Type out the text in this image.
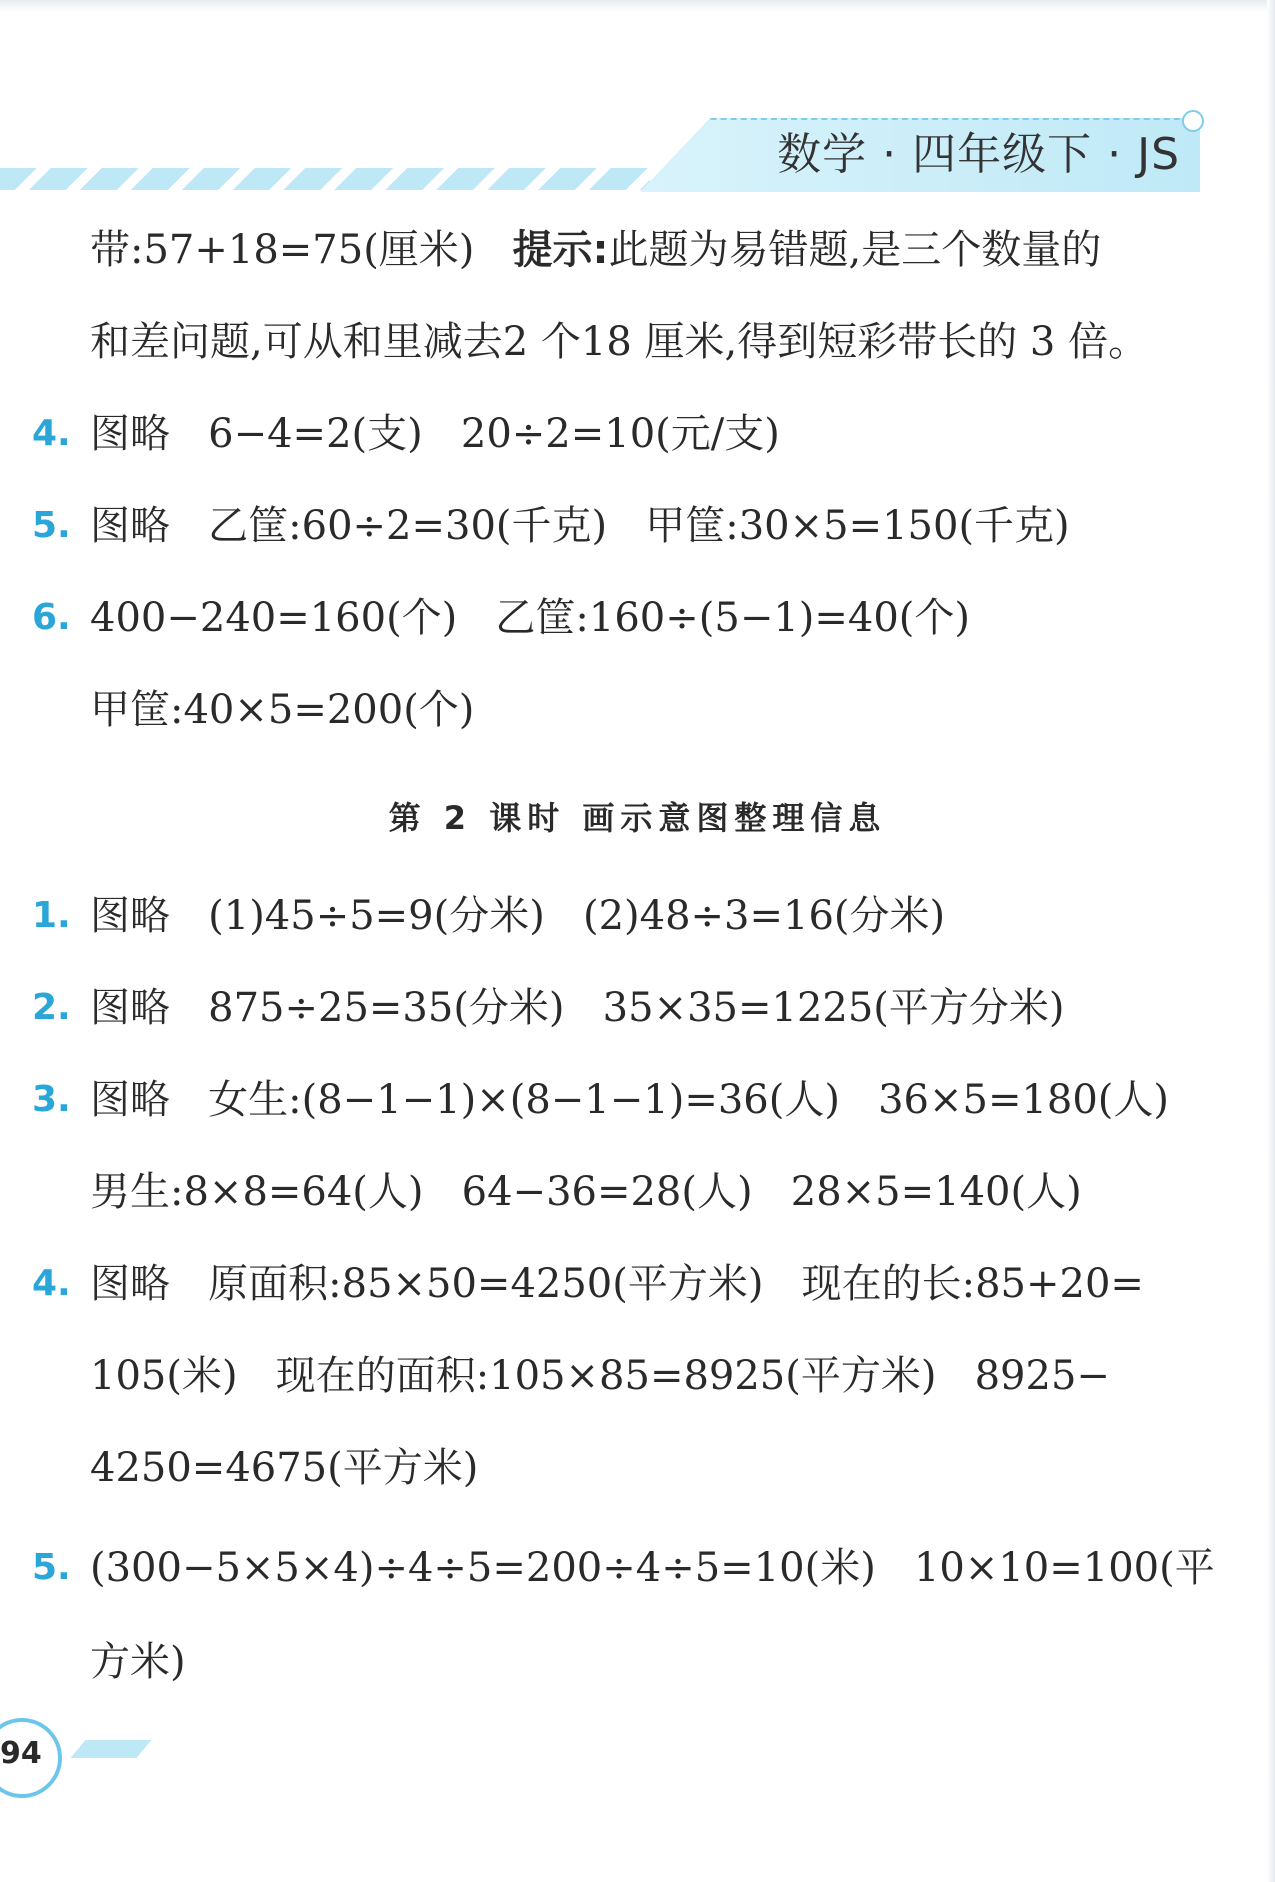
数学 · 四年级下 · JS
带:57+18=75(厘米)   提示:此题为易错题,是三个数量的
和差问题,可从和里减去2 个18 厘米,得到短彩带长的 3 倍。
4. 图略   6−4=2(支)   20÷2=10(元/支)
5. 图略   乙筐:60÷2=30(千克)   甲筐:30×5=150(千克)
6. 400−240=160(个)   乙筐:160÷(5−1)=40(个)
甲筐:40×5=200(个)
第 2 课时 画示意图整理信息
1. 图略   (1)45÷5=9(分米)   (2)48÷3=16(分米)
2. 图略   875÷25=35(分米)   35×35=1225(平方分米)
3. 图略   女生:(8−1−1)×(8−1−1)=36(人)   36×5=180(人)
男生:8×8=64(人)   64−36=28(人)   28×5=140(人)
4. 图略   原面积:85×50=4250(平方米)   现在的长:85+20=
105(米)   现在的面积:105×85=8925(平方米)   8925−
4250=4675(平方米)
5. (300−5×5×4)÷4÷5=200÷4÷5=10(米)   10×10=100(平
方米)
94
